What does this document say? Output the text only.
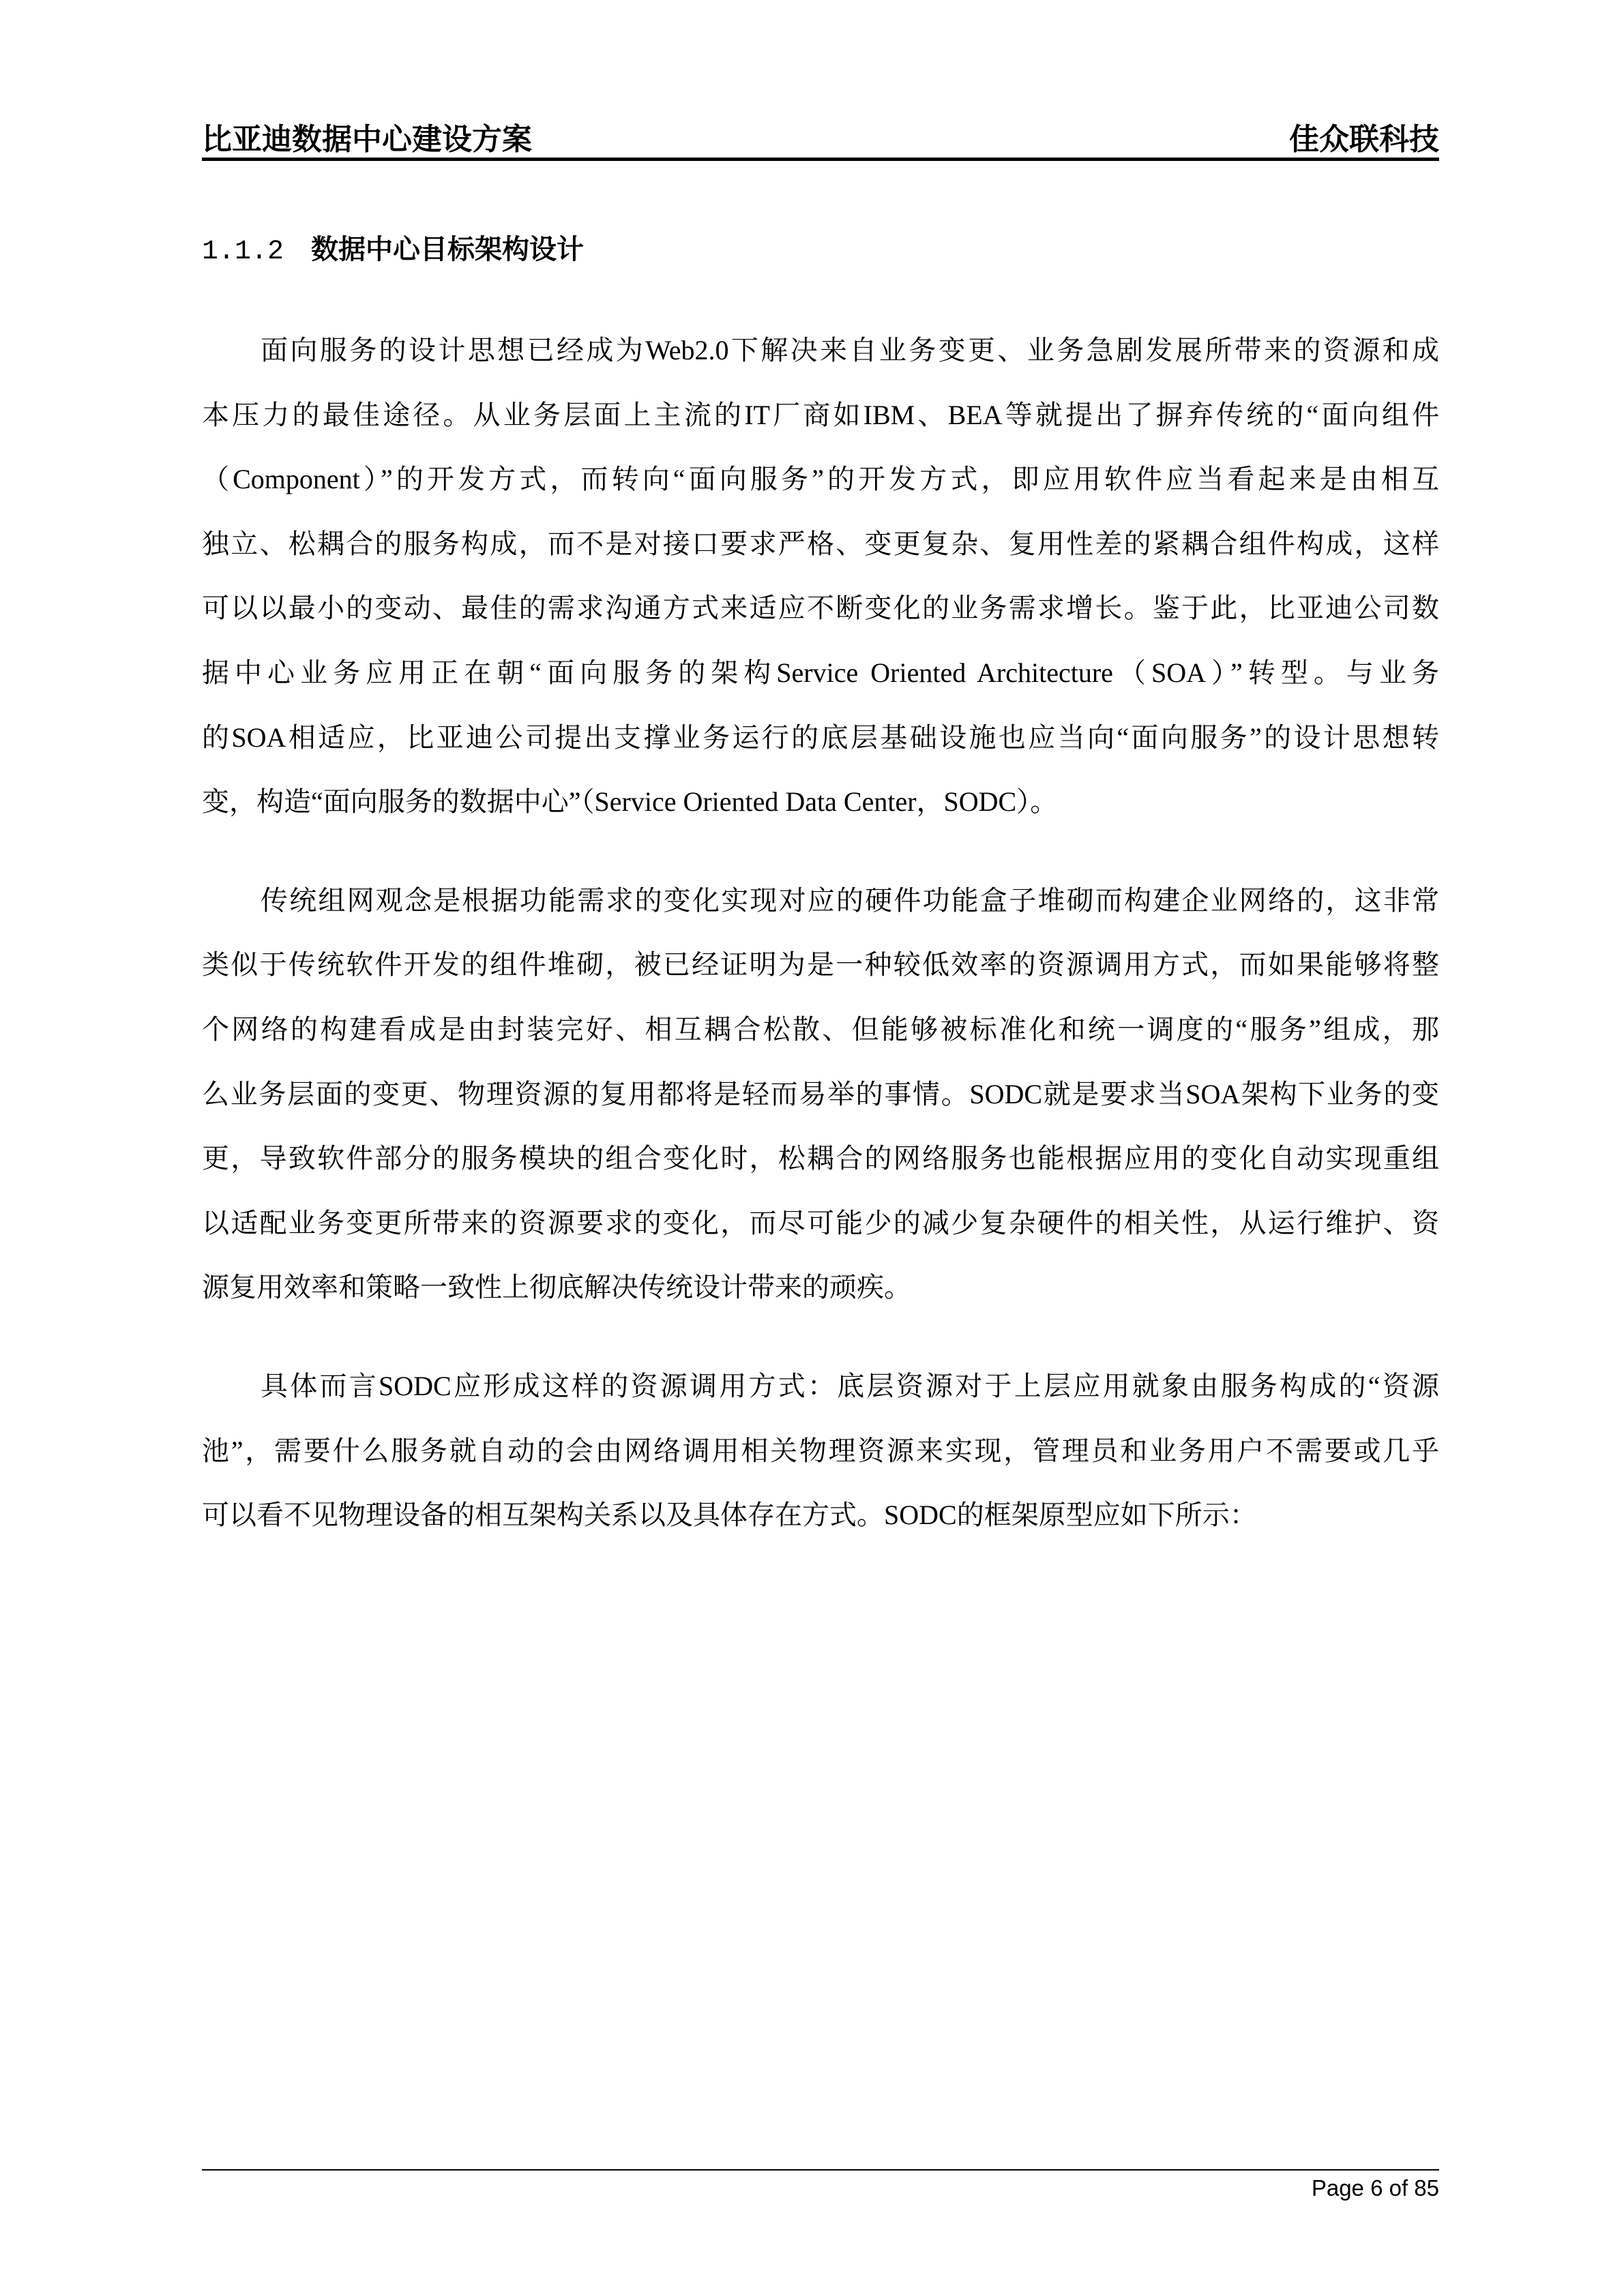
比亚迪数据中心建设方案	佳众联科技
1.1.2 数据中心目标架构设计
面向服务的设计思想已经成为Web2.0下解决来自业务变更、业务急剧发展所带来的资源和成
本压力的最佳途径。从业务层面上主流的IT厂商如IBM、BEA等就提出了摒弃传统的“面向组件
（Component）”的开发方式，而转向“面向服务”的开发方式，即应用软件应当看起来是由相互
独立、松耦合的服务构成，而不是对接口要求严格、变更复杂、复用性差的紧耦合组件构成，这样
可以以最小的变动、最佳的需求沟通方式来适应不断变化的业务需求增长。鉴于此，比亚迪公司数
据中心业务应用正在朝“面向服务的架构Service Oriented Architecture（SOA）”转型。与业务
的SOA相适应，比亚迪公司提出支撑业务运行的底层基础设施也应当向“面向服务”的设计思想转
变，构造“面向服务的数据中心”（Service Oriented Data Center，SODC）。
传统组网观念是根据功能需求的变化实现对应的硬件功能盒子堆砌而构建企业网络的，这非常
类似于传统软件开发的组件堆砌，被已经证明为是一种较低效率的资源调用方式，而如果能够将整
个网络的构建看成是由封装完好、相互耦合松散、但能够被标准化和统一调度的“服务”组成，那
么业务层面的变更、物理资源的复用都将是轻而易举的事情。SODC就是要求当SOA架构下业务的变
更，导致软件部分的服务模块的组合变化时，松耦合的网络服务也能根据应用的变化自动实现重组
以适配业务变更所带来的资源要求的变化，而尽可能少的减少复杂硬件的相关性，从运行维护、资
源复用效率和策略一致性上彻底解决传统设计带来的顽疾。
具体而言SODC应形成这样的资源调用方式：底层资源对于上层应用就象由服务构成的“资源
池”，需要什么服务就自动的会由网络调用相关物理资源来实现，管理员和业务用户不需要或几乎
可以看不见物理设备的相互架构关系以及具体存在方式。SODC的框架原型应如下所示：
Page 6 of 85
